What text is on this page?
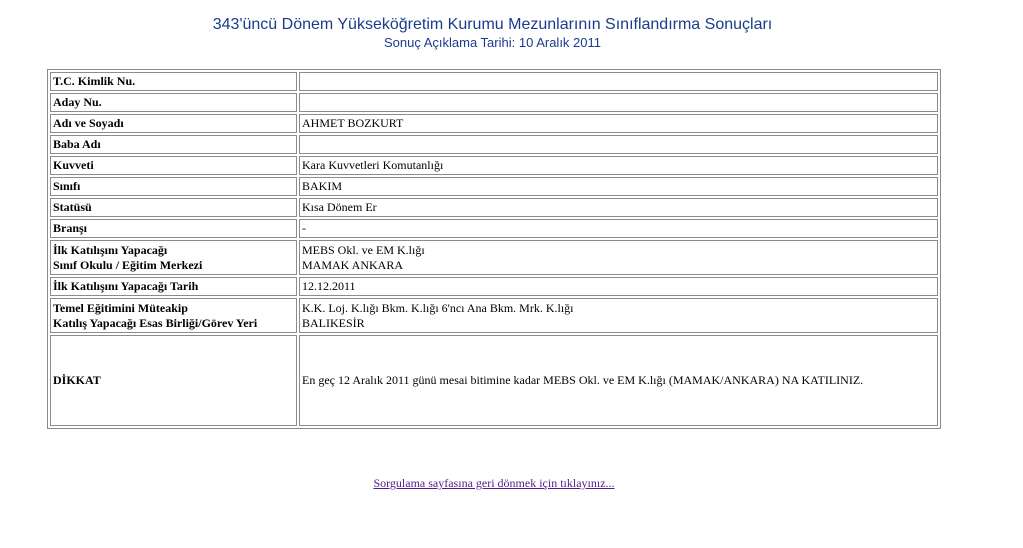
343'üncü Dönem Yükseköğretim Kurumu Mezunlarının Sınıflandırma Sonuçları
Sonuç Açıklama Tarihi: 10 Aralık 2011
T.C. Kimlik Nu.	
Aday Nu.	
Adı ve Soyadı	AHMET BOZKURT
Baba Adı	
Kuvveti	Kara Kuvvetleri Komutanlığı
Sınıfı	BAKIM
Statüsü	Kısa Dönem Er
Branşı	-

İlk Katılışını Yapacağı
Sınıf Okulu / Eğitim Merkezi	MEBS Okl. ve EM K.lığı
MAMAK ANKARA

İlk Katılışını Yapacağı Tarih	12.12.2011

Temel Eğitimini Müteakip
Katılış Yapacağı Esas Birliği/Görev Yeri	K.K. Loj. K.lığı Bkm. K.lığı 6'ncı Ana Bkm. Mrk. K.lığı
BALIKESİR

DİKKAT	En geç 12 Aralık 2011 günü mesai bitimine kadar MEBS Okl. ve EM K.lığı (MAMAK/ANKARA) NA KATILINIZ.
Sorgulama sayfasına geri dönmek için tıklayınız...
